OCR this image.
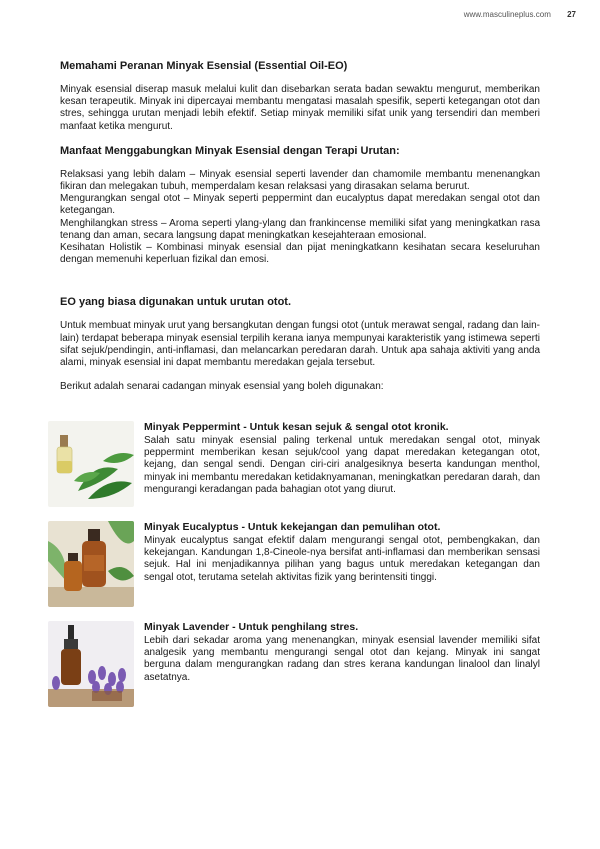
www.masculineplus.com 27
Memahami Peranan Minyak Esensial (Essential Oil-EO)

Minyak esensial diserap masuk melalui kulit dan disebarkan serata badan sewaktu mengurut, memberikan kesan terapeutik. Minyak ini dipercayai membantu mengatasi masalah spesifik, seperti ketegangan otot dan stres, sehingga urutan menjadi lebih efektif. Setiap minyak memiliki sifat unik yang tersendiri dan memberi manfaat ketika mengurut.

Manfaat Menggabungkan Minyak Esensial dengan Terapi Urutan:

Relaksasi yang lebih dalam – Minyak esensial seperti lavender dan chamomile membantu menenangkan fikiran dan melegakan tubuh, memperdalam kesan relaksasi yang dirasakan selama berurut.

Mengurangkan sengal otot – Minyak seperti peppermint dan eucalyptus dapat meredakan sengal otot dan ketegangan.

Menghilangkan stress – Aroma seperti ylang-ylang dan frankincense memiliki sifat yang meningkatkan rasa tenang dan aman, secara langsung dapat meningkatkan kesejahteraan emosional.

Kesihatan Holistik – Kombinasi minyak esensial dan pijat meningkatkann kesihatan secara keseluruhan dengan memenuhi keperluan fizikal dan emosi.

EO yang biasa digunakan untuk urutan otot.

Untuk membuat minyak urut yang bersangkutan dengan fungsi otot (untuk merawat sengal, radang dan lain-lain) terdapat beberapa minyak esensial terpilih kerana ianya mempunyai karakteristik yang istimewa seperti sifat sejuk/pendingin, anti-inflamasi, dan melancarkan peredaran darah. Untuk apa sahaja aktiviti yang anda alami, minyak esensial ini dapat membantu meredakan gejala tersebut.

Berikut adalah senarai cadangan minyak esensial yang boleh digunakan:

Minyak Peppermint - Untuk kesan sejuk & sengal otot kronik.

Salah satu minyak esensial paling terkenal untuk meredakan sengal otot, minyak peppermint memberikan kesan sejuk/cool yang dapat meredakan ketegangan otot, kejang, dan sengal sendi. Dengan ciri-ciri analgesiknya beserta kandungan menthol, minyak ini membantu meredakan ketidaknyamanan, meningkatkan peredaran darah, dan mengurangi keradangan pada bahagian otot yang diurut.

Minyak Eucalyptus - Untuk kekejangan dan pemulihan otot.

Minyak eucalyptus sangat efektif dalam mengurangi sengal otot, pembengkakan, dan kekejangan. Kandungan 1,8-Cineole-nya bersifat anti-inflamasi dan memberikan sensasi sejuk. Hal ini menjadikannya pilihan yang bagus untuk meredakan ketegangan dan sengal otot, terutama setelah aktivitas fizik yang berintensiti tinggi.

Minyak Lavender - Untuk penghilang stres.

Lebih dari sekadar aroma yang menenangkan, minyak esensial lavender memiliki sifat analgesik yang membantu mengurangi sengal otot dan kejang. Minyak ini sangat berguna dalam mengurangkan radang dan stres kerana kandungan linalool dan linalyl asetatnya.
